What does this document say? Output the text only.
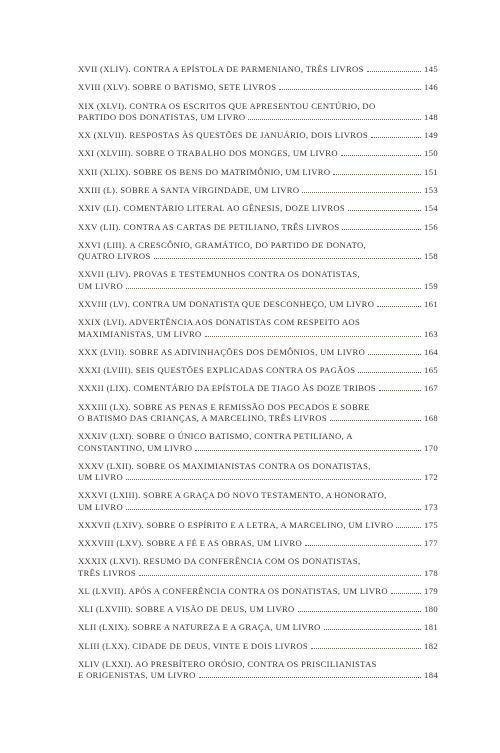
XVII (XLIV). CONTRA A EPÍSTOLA DE PARMENIANO, TRÊS LIVROS	145
XVIII (XLV). SOBRE O BATISMO, SETE LIVROS	146
XIX (XLVI). CONTRA OS ESCRITOS QUE APRESENTOU CENTÚRIO, DO
PARTIDO DOS DONATISTAS, UM LIVRO	148
XX (XLVII). RESPOSTAS ÀS QUESTÕES DE JANUÁRIO, DOIS LIVROS	149
XXI (XLVIII). SOBRE O TRABALHO DOS MONGES, UM LIVRO	150
XXII (XLIX). SOBRE OS BENS DO MATRIMÔNIO, UM LIVRO	151
XXIII (L). SOBRE A SANTA VIRGINDADE, UM LIVRO	153
XXIV (LI). COMENTÁRIO LITERAL AO GÊNESIS, DOZE LIVROS	154
XXV (LII). CONTRA AS CARTAS DE PETILIANO, TRÊS LIVROS	156
XXVI (LIII). A CRESCÔNIO, GRAMÁTICO, DO PARTIDO DE DONATO,
QUATRO LIVROS	158
XXVII (LIV). PROVAS E TESTEMUNHOS CONTRA OS DONATISTAS,
UM LIVRO	159
XXVIII (LV). CONTRA UM DONATISTA QUE DESCONHEÇO, UM LIVRO	161
XXIX (LVI). ADVERTÊNCIA AOS DONATISTAS COM RESPEITO AOS
MAXIMIANISTAS, UM LIVRO	163
XXX (LVII). SOBRE AS ADIVINHAÇÕES DOS DEMÔNIOS, UM LIVRO	164
XXXI (LVIII). SEIS QUESTÕES EXPLICADAS CONTRA OS PAGÃOS	165
XXXII (LIX). COMENTÁRIO DA EPÍSTOLA DE TIAGO ÀS DOZE TRIBOS	167
XXXIII (LX). SOBRE AS PENAS E REMISSÃO DOS PECADOS E SOBRE
O BATISMO DAS CRIANÇAS, A MARCELINO, TRÊS LIVROS	168
XXXIV (LXI). SOBRE O ÚNICO BATISMO, CONTRA PETILIANO, A
CONSTANTINO, UM LIVRO	170
XXXV (LXII). SOBRE OS MAXIMIANISTAS CONTRA OS DONATISTAS,
UM LIVRO	172
XXXVI (LXIII). SOBRE A GRAÇA DO NOVO TESTAMENTO, A HONORATO,
UM LIVRO	173
XXXVII (LXIV). SOBRE O ESPÍRITO E A LETRA, A MARCELINO, UM LIVRO	175
XXXVIII (LXV). SOBRE A FÉ E AS OBRAS, UM LIVRO	177
XXXIX (LXVI). RESUMO DA CONFERÊNCIA COM OS DONATISTAS,
TRÊS LIVROS	178
XL (LXVII). APÓS A CONFERÊNCIA CONTRA OS DONATISTAS, UM LIVRO	179
XLI (LXVIII). SOBRE A VISÃO DE DEUS, UM LIVRO	180
XLII (LXIX). SOBRE A NATUREZA E A GRAÇA, UM LIVRO	181
XLIII (LXX). CIDADE DE DEUS, VINTE E DOIS LIVROS	182
XLIV (LXXI). AO PRESBÍTERO ORÓSIO, CONTRA OS PRISCILIANISTAS
E ORIGENISTAS, UM LIVRO	184
